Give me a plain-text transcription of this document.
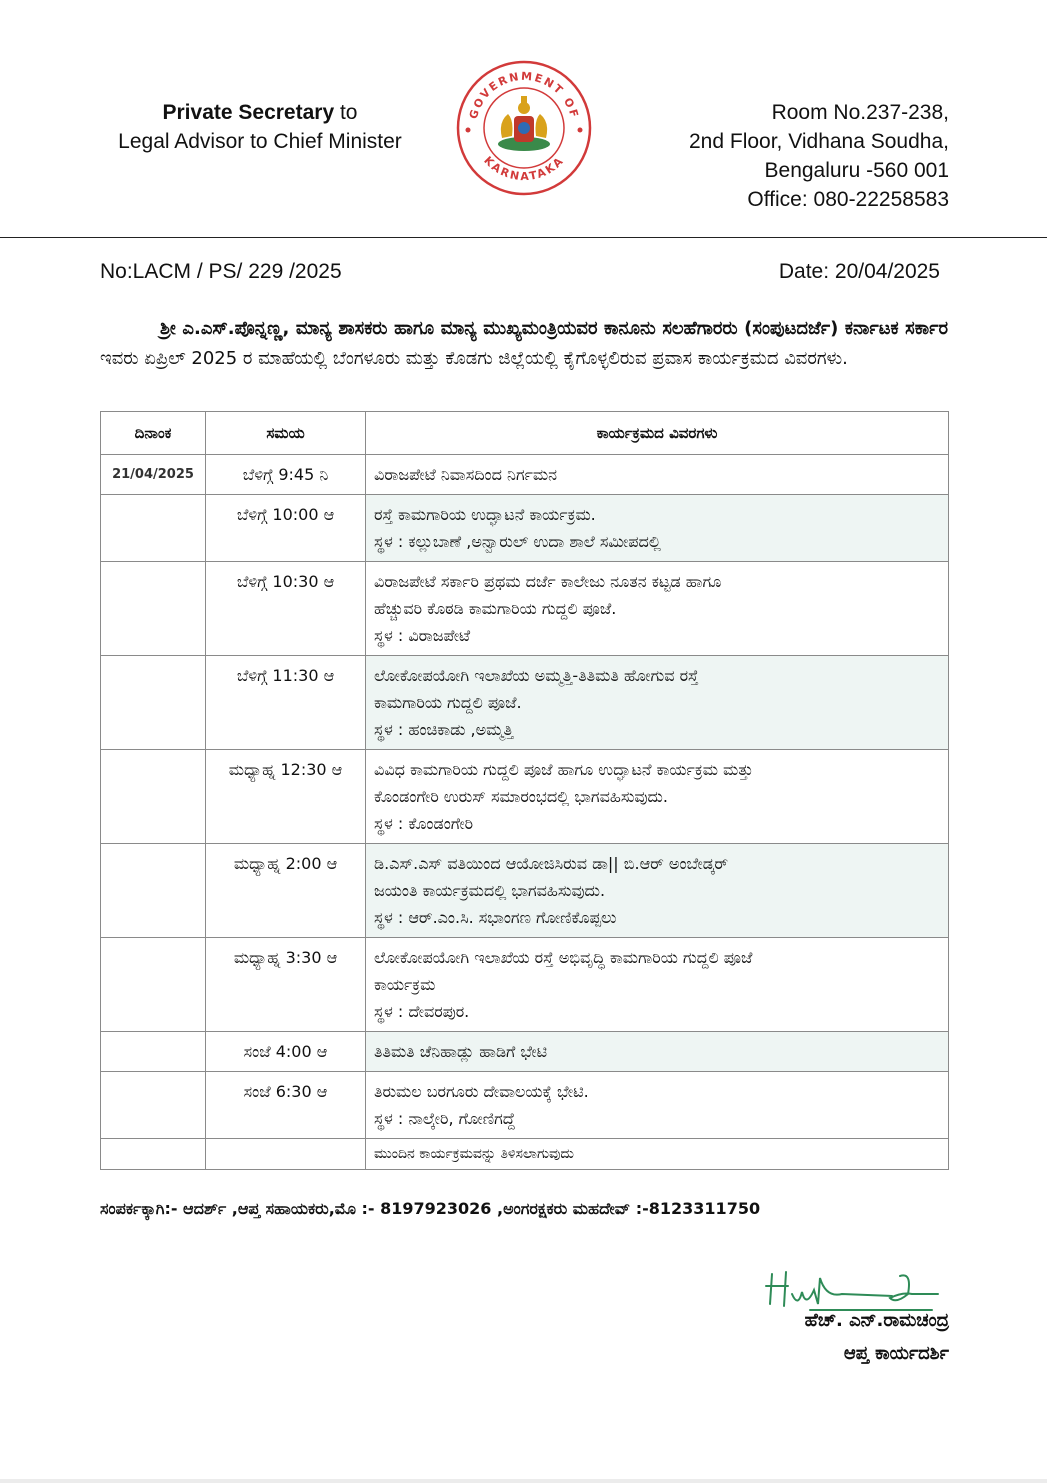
Private Secretary to
Legal Advisor to Chief Minister
GOVERNMENT OF
KARNATAKA
Room No.237-238,
2nd Floor, Vidhana Soudha,
Bengaluru -560 001
Office: 080-22258583
No:LACM / PS/ 229 /2025	Date: 20/04/2025
ಶ್ರೀ ಎ.ಎಸ್.ಪೊನ್ನಣ್ಣ, ಮಾನ್ಯ ಶಾಸಕರು ಹಾಗೂ ಮಾನ್ಯ ಮುಖ್ಯಮಂತ್ರಿಯವರ ಕಾನೂನು ಸಲಹೆಗಾರರು (ಸಂಪುಟದರ್ಜೆ) ಕರ್ನಾಟಕ ಸರ್ಕಾರ ಇವರು ಏಪ್ರಿಲ್ 2025 ರ ಮಾಹೆಯಲ್ಲಿ ಬೆಂಗಳೂರು ಮತ್ತು ಕೊಡಗು ಜಿಲ್ಲೆಯಲ್ಲಿ ಕೈಗೊಳ್ಳಲಿರುವ ಪ್ರವಾಸ ಕಾರ್ಯಕ್ರಮದ ವಿವರಗಳು.
ದಿನಾಂಕ	ಸಮಯ	ಕಾರ್ಯಕ್ರಮದ ವಿವರಗಳು
21/04/2025	ಬೆಳಿಗ್ಗೆ 9:45 ನಿ	ವಿರಾಜಪೇಟೆ ನಿವಾಸದಿಂದ ನಿರ್ಗಮನ

	ಬೆಳಿಗ್ಗೆ 10:00 ಆ	ರಸ್ತೆ ಕಾಮಗಾರಿಯ ಉದ್ಘಾಟನೆ ಕಾರ್ಯಕ್ರಮ.
ಸ್ಥಳ : ಕಲ್ಲುಬಾಣೆ ,ಅನ್ವಾರುಲ್ ಉದಾ ಶಾಲೆ ಸಮೀಪದಲ್ಲಿ

	ಬೆಳಿಗ್ಗೆ 10:30 ಆ	ವಿರಾಜಪೇಟೆ ಸರ್ಕಾರಿ ಪ್ರಥಮ ದರ್ಜೆ ಕಾಲೇಜು ನೂತನ ಕಟ್ಟಡ ಹಾಗೂ
ಹೆಚ್ಚುವರಿ ಕೊಠಡಿ ಕಾಮಗಾರಿಯ ಗುದ್ದಲಿ ಪೂಜೆ.
ಸ್ಥಳ : ವಿರಾಜಪೇಟೆ

	ಬೆಳಿಗ್ಗೆ 11:30 ಆ	ಲೋಕೋಪಯೋಗಿ ಇಲಾಖೆಯ ಅಮ್ಮತ್ತಿ-ತಿತಿಮತಿ ಹೋಗುವ ರಸ್ತೆ
ಕಾಮಗಾರಿಯ ಗುದ್ದಲಿ ಪೂಜೆ.
ಸ್ಥಳ : ಹಂಚಿಕಾಡು ,ಅಮ್ಮತ್ತಿ

	ಮಧ್ಯಾಹ್ನ 12:30 ಆ	ವಿವಿಧ ಕಾಮಗಾರಿಯ ಗುದ್ದಲಿ ಪೂಜೆ ಹಾಗೂ ಉದ್ಘಾಟನೆ ಕಾರ್ಯಕ್ರಮ ಮತ್ತು
ಕೊಂಡಂಗೇರಿ ಉರುಸ್ ಸಮಾರಂಭದಲ್ಲಿ ಭಾಗವಹಿಸುವುದು.
ಸ್ಥಳ : ಕೊಂಡಂಗೇರಿ

	ಮಧ್ಯಾಹ್ನ 2:00 ಆ	ಡಿ.ಎಸ್.ಎಸ್ ವತಿಯಿಂದ ಆಯೋಜಿಸಿರುವ ಡಾ|| ಬಿ.ಆರ್ ಅಂಬೇಡ್ಕರ್
ಜಯಂತಿ ಕಾರ್ಯಕ್ರಮದಲ್ಲಿ ಭಾಗವಹಿಸುವುದು.
ಸ್ಥಳ : ಆರ್.ಎಂ.ಸಿ. ಸಭಾಂಗಣ ಗೋಣಿಕೊಪ್ಪಲು

	ಮಧ್ಯಾಹ್ನ 3:30 ಆ	ಲೋಕೋಪಯೋಗಿ ಇಲಾಖೆಯ ರಸ್ತೆ ಅಭಿವೃದ್ಧಿ ಕಾಮಗಾರಿಯ ಗುದ್ದಲಿ ಪೂಜೆ
ಕಾರ್ಯಕ್ರಮ
ಸ್ಥಳ : ದೇವರಪುರ.

	ಸಂಜೆ 4:00 ಆ	ತಿತಿಮತಿ ಚೆನಿಹಾಡ್ಲು ಹಾಡಿಗೆ ಭೇಟಿ

	ಸಂಜೆ 6:30 ಆ	ತಿರುಮಲ ಬರಗೂರು ದೇವಾಲಯಕ್ಕೆ ಭೇಟಿ.
ಸ್ಥಳ : ನಾಲ್ಕೇರಿ, ಗೋಣಿಗದ್ದೆ

		ಮುಂದಿನ ಕಾರ್ಯಕ್ರಮವನ್ನು ತಿಳಿಸಲಾಗುವುದು
ಸಂಪರ್ಕಕ್ಕಾಗಿ:- ಆದರ್ಶ್ ,ಆಪ್ತ ಸಹಾಯಕರು,ಮೊ :- 8197923026 ,ಅಂಗರಕ್ಷಕರು ಮಹದೇವ್ :-8123311750
ಹೆಚ್. ಎನ್.ರಾಮಚಂದ್ರ
ಆಪ್ತ ಕಾರ್ಯದರ್ಶಿ
